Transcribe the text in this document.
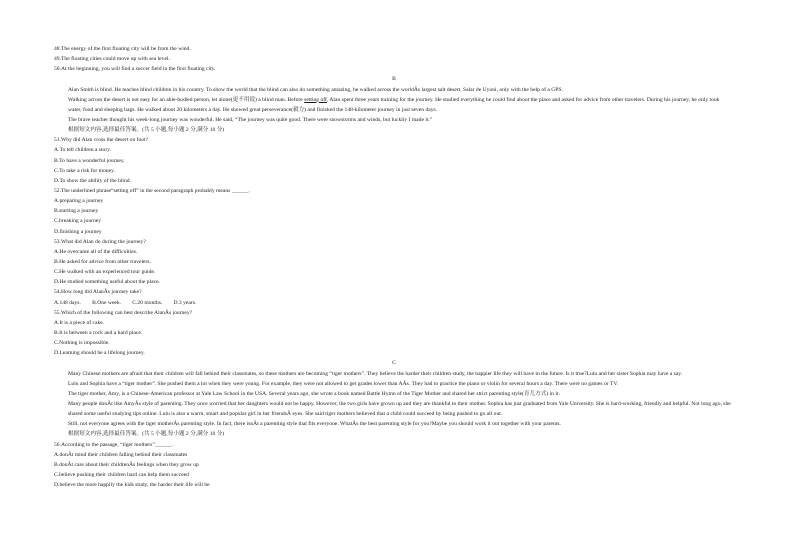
48.The energy of the first floating city will be from the wind.
49.The floating cities could move up with sea level.
50.At the beginning, you will find a soccer field in the first floating city.
B
Alan Smith is blind. He teaches blind children in his country. To show the world that the blind can also do something amazing, he walked across the worldÂs largest salt desert, Salar de Uyuni, only with the help of a GPS.
Walking across the desert is not easy for an able-bodied person, let alone(更不用说) a blind man. Before setting off, Alan spent three years training for the journey. He studied everything he could find about the place and asked for advice from other travelers. During his journey, he only took water, food and sleeping bags. He walked about 20 kilometers a day. He showed great perseverance(毅力) and finished the 148-kilometer journey in just seven days.
The brave teacher thought his week-long journey was wonderful. He said, “The journey was quite good. There were snowstorms and winds, but luckily I made it.”
根据短文内容,选择最佳答案。(共 5 小题,每小题 2 分,满分 10 分)
51.Why did Alan cross the desert on foot?
A.To tell children a story.
B.To have a wonderful journey.
C.To take a risk for money.
D.To show the ability of the blind.
52.The underlined phrase“setting off” in the second paragraph probably means ______.
A.preparing a journey
B.starting a journey
C.breaking a journey
D.finishing a journey
53.What did Alan do during the journey?
A.He overcame all of the difficulties.
B.He asked for advice from other travelers.
C.He walked with an experienced tour guide.
D.He studied something useful about the place.
54.How long did AlanÂs journey take?
A.148 days.        B.One week.        C.20 months.        D.3 years.
55.Which of the following can best describe AlanÂs journey?
A.It is a piece of cake.
B.It is between a rock and a hard place.
C.Nothing is impossible.
D.Learning should be a lifelong journey.
C
Many Chinese mothers are afraid that their children will fall behind their classmates, so these mothers are becoming “tiger mothers”. They believe the harder their children study, the happier life they will have in the future. Is it true?Lulu and her sister Sophia may have a say.
Lulu and Sophia have a “tiger mother”. She pushed them a lot when they were young. For example, they were not allowed to get grades lower than AÂs. They had to practice the piano or violin for several hours a day. There were no games or TV.
The tiger mother, Amy, is a Chinese-American professor at Yale Law School in the USA. Several years ago, she wrote a book named Battle Hymn of the Tiger Mother and shared her strict parenting style(育儿方式) in it.
Many people donÂt like AmyÂs style of parenting. They once worried that her daughters would not be happy. However, the two girls have grown up and they are thankful to their mother. Sophia has just graduated from Yale University. She is hard-working, friendly and helpful. Not long ago, she shared some useful studying tips online. Lulu is also a warm, smart and popular girl in her friendsÂ eyes. She said tiger mothers believed that a child could succeed by being pushed to go all out.
Still, not everyone agrees with the tiger motherÂs parenting style. In fact, there isnÂt a parenting style that fits everyone. WhatÂs the best parenting style for you?Maybe you should work it out together with your parents.
根据短文内容,选择最佳答案。(共 5 小题,每小题 2 分,满分 10 分)
56.According to the passage, “tiger mothers”______.
A.donÂt mind their children falling behind their classmates
B.donÂt care about their childrenÂs feelings when they grow up
C.believe pushing their children hard can help them succeed
D.believe the more happily the kids study, the harder their life will be
